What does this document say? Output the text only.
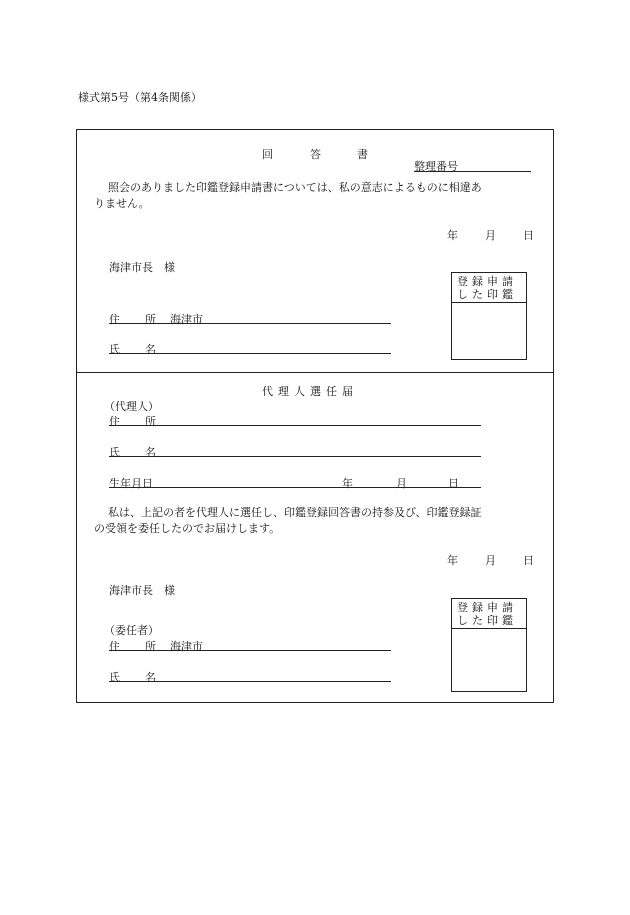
様式第5号（第4条関係）
回	答	書
整理番号
照会のありました印鑑登録申請書については、私の意志によるものに相違あ
りません。
年 月 日
海津市長　様
住 所 海津市
氏 名
登録申請
した印鑑
代理人選任届
（代理人）
住 所
氏 名
生年月日	年	月	日
私は、上記の者を代理人に選任し、印鑑登録回答書の持参及び、印鑑登録証
の受領を委任したのでお届けします。
年 月 日
海津市長　様
（委任者）
住 所 海津市
氏 名
登録申請
した印鑑
